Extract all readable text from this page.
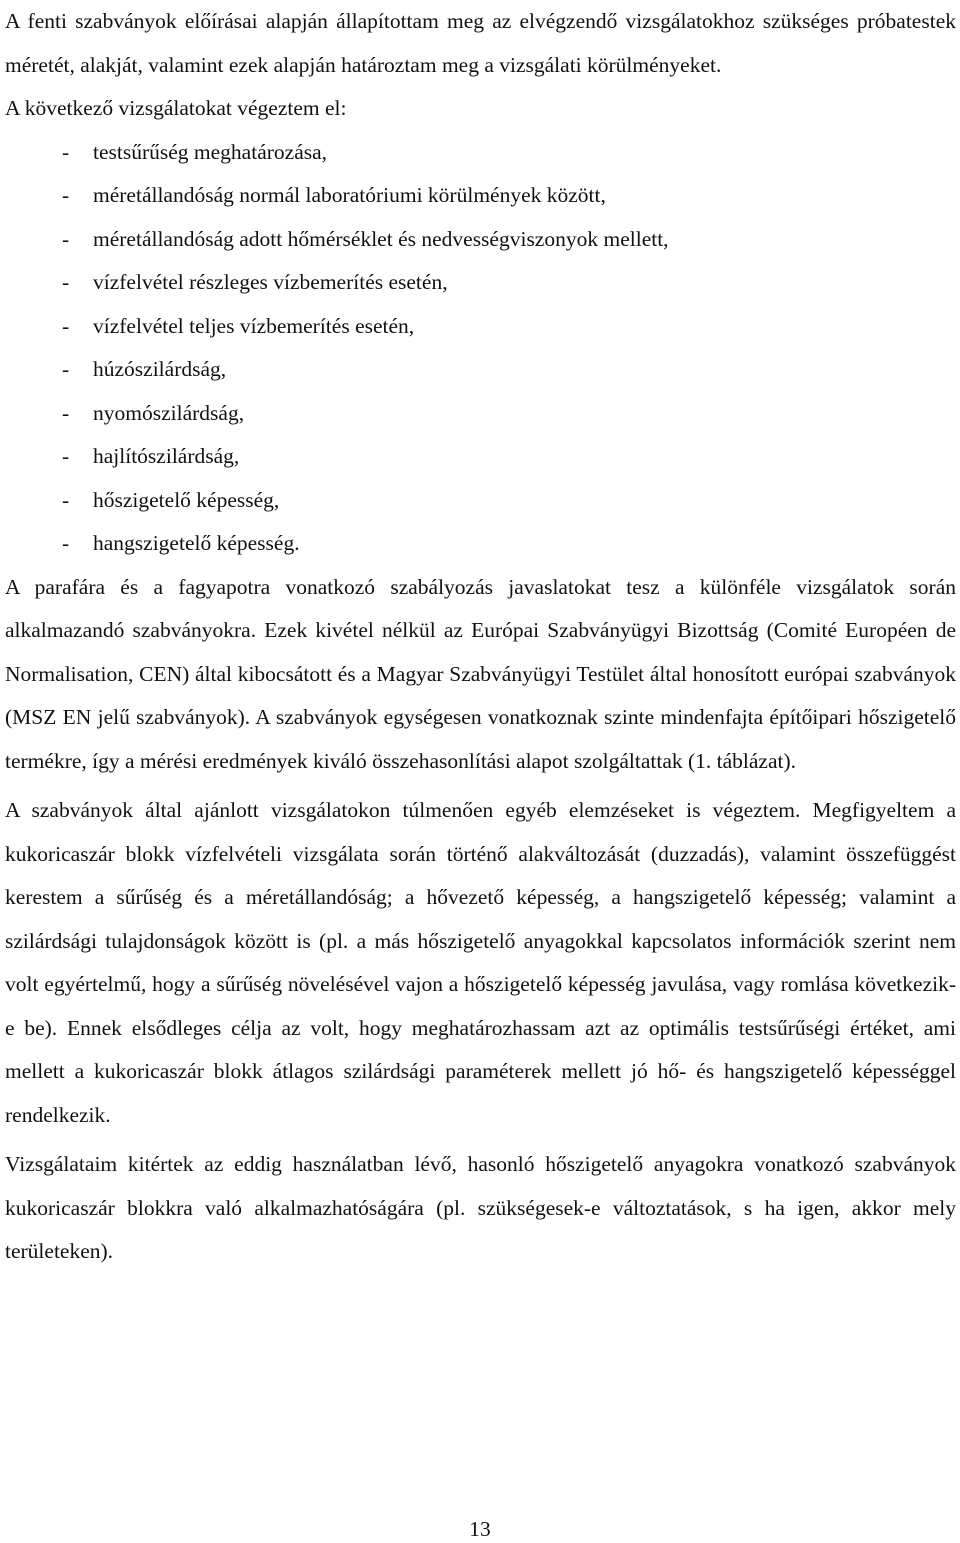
A fenti szabványok előírásai alapján állapítottam meg az elvégzendő vizsgálatokhoz szükséges próbatestek méretét, alakját, valamint ezek alapján határoztam meg a vizsgálati körülményeket.

A következő vizsgálatokat végeztem el:

- testsűrűség meghatározása,
- méretállandóság normál laboratóriumi körülmények között,
- méretállandóság adott hőmérséklet és nedvességviszonyok mellett,
- vízfelvétel részleges vízbemerítés esetén,
- vízfelvétel teljes vízbemerítés esetén,
- húzószilárdság,
- nyomószilárdság,
- hajlítószilárdság,
- hőszigetelő képesség,
- hangszigetelő képesség.

A parafára és a fagyapotra vonatkozó szabályozás javaslatokat tesz a különféle vizsgálatok során alkalmazandó szabványokra. Ezek kivétel nélkül az Európai Szabványügyi Bizottság (Comité Européen de Normalisation, CEN) által kibocsátott és a Magyar Szabványügyi Testület által honosított európai szabványok (MSZ EN jelű szabványok). A szabványok egységesen vonatkoznak szinte mindenfajta építőipari hőszigetelő termékre, így a mérési eredmények kiváló összehasonlítási alapot szolgáltattak (1. táblázat).

A szabványok által ajánlott vizsgálatokon túlmenően egyéb elemzéseket is végeztem. Megfigyeltem a kukoricaszár blokk vízfelvételi vizsgálata során történő alakváltozását (duzzadás), valamint összefüggést kerestem a sűrűség és a méretállandóság; a hővezető képesség, a hangszigetelő képesség; valamint a szilárdsági tulajdonságok között is (pl. a más hőszigetelő anyagokkal kapcsolatos információk szerint nem volt egyértelmű, hogy a sűrűség növelésével vajon a hőszigetelő képesség javulása, vagy romlása következik-e be). Ennek elsődleges célja az volt, hogy meghatározhassam azt az optimális testsűrűségi értéket, ami mellett a kukoricaszár blokk átlagos szilárdsági paraméterek mellett jó hő- és hangszigetelő képességgel rendelkezik.

Vizsgálataim kitértek az eddig használatban lévő, hasonló hőszigetelő anyagokra vonatkozó szabványok kukoricaszár blokkra való alkalmazhatóságára (pl. szükségesek-e változtatások, s ha igen, akkor mely területeken).

13
